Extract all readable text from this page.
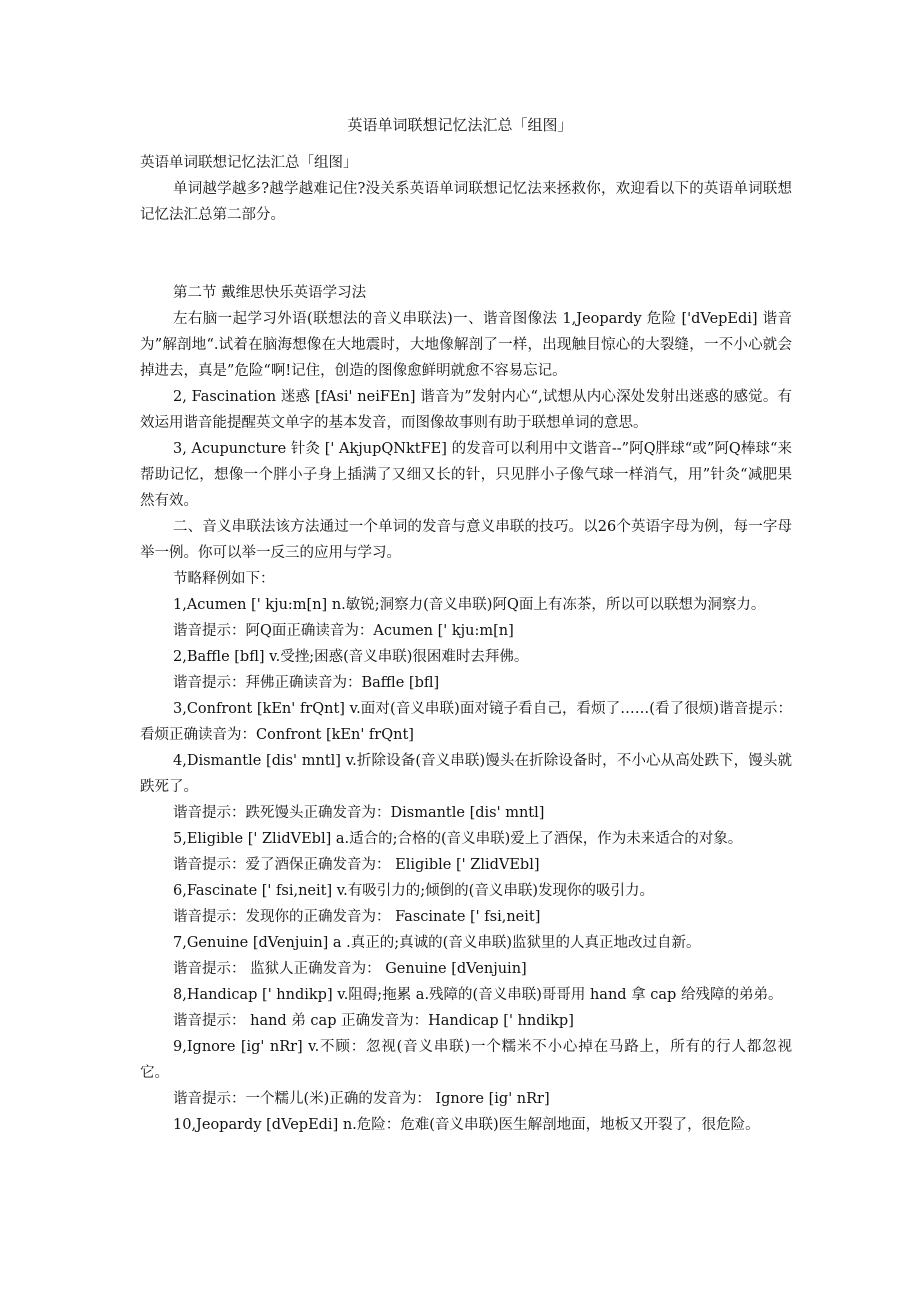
英语单词联想记忆法汇总「组图」

英语单词联想记忆法汇总「组图」

单词越学越多?越学越难记住?没关系英语单词联想记忆法来拯救你，欢迎看以下的英语单词联想记忆法汇总第二部分。

第二节 戴维思快乐英语学习法

左右脑一起学习外语(联想法的音义串联法)一、谐音图像法 1,Jeopardy 危险 ['dVepEdi] 谐音为”解剖地“.试着在脑海想像在大地震时，大地像解剖了一样，出现触目惊心的大裂缝，一不小心就会掉进去，真是”危险“啊!记住，创造的图像愈鲜明就愈不容易忘记。

2, Fascination 迷惑 [fAsi' neiFEn] 谐音为”发射内心“,试想从内心深处发射出迷惑的感觉。有效运用谐音能提醒英文单字的基本发音，而图像故事则有助于联想单词的意思。

3, Acupuncture 针灸 [' AkjupQNktFE] 的发音可以利用中文谐音--”阿Q胖球“或”阿Q棒球“来帮助记忆，想像一个胖小子身上插满了又细又长的针，只见胖小子像气球一样消气，用”针灸“减肥果然有效。

二、音义串联法该方法通过一个单词的发音与意义串联的技巧。以26个英语字母为例，每一字母举一例。你可以举一反三的应用与学习。

节略释例如下：

1,Acumen [' kju:m[n] n.敏锐;洞察力(音义串联)阿Q面上有冻茶，所以可以联想为洞察力。

谐音提示：阿Q面正确读音为：Acumen [' kju:m[n]

2,Baffle [bfl] v.受挫;困惑(音义串联)很困难时去拜佛。

谐音提示：拜佛正确读音为：Baffle [bfl]

3,Confront [kEn' frQnt] v.面对(音义串联)面对镜子看自己，看烦了……(看了很烦)谐音提示：看烦正确读音为：Confront [kEn' frQnt]

4,Dismantle [dis' mntl] v.折除设备(音义串联)馒头在折除设备时，不小心从高处跌下，馒头就跌死了。

谐音提示：跌死馒头正确发音为：Dismantle [dis' mntl]

5,Eligible [' ZlidVEbl] a.适合的;合格的(音义串联)爱上了酒保，作为未来适合的对象。

谐音提示：爱了酒保正确发音为： Eligible [' ZlidVEbl]

6,Fascinate [' fsi,neit] v.有吸引力的;倾倒的(音义串联)发现你的吸引力。

谐音提示：发现你的正确发音为： Fascinate [' fsi,neit]

7,Genuine [dVenjuin] a .真正的;真诚的(音义串联)监狱里的人真正地改过自新。

谐音提示： 监狱人正确发音为： Genuine [dVenjuin]

8,Handicap [' hndikp] v.阻碍;拖累 a.残障的(音义串联)哥哥用 hand 拿 cap 给残障的弟弟。

谐音提示： hand 弟 cap 正确发音为：Handicap [' hndikp]

9,Ignore [ig' nRr] v.不顾：忽视(音义串联)一个糯米不小心掉在马路上，所有的行人都忽视它。

谐音提示：一个糯儿(米)正确的发音为： Ignore [ig' nRr]

10,Jeopardy [dVepEdi] n.危险：危难(音义串联)医生解剖地面，地板又开裂了，很危险。
